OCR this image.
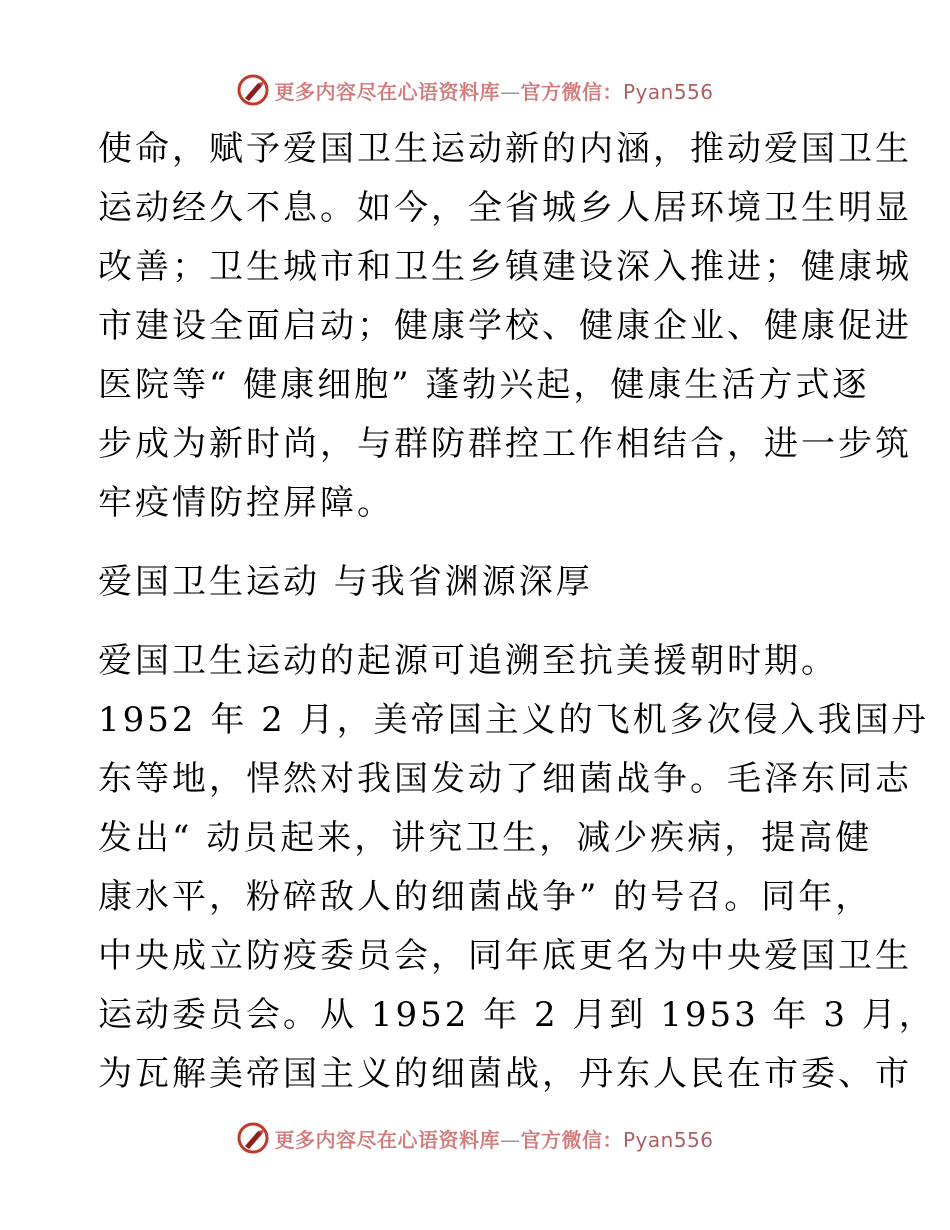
更多内容尽在心语资料库—官方微信：Pyan556
使命，赋予爱国卫生运动新的内涵，推动爱国卫生
运动经久不息。如今，全省城乡人居环境卫生明显
改善；卫生城市和卫生乡镇建设深入推进；健康城
市建设全面启动；健康学校、健康企业、健康促进
医院等“ 健康细胞” 蓬勃兴起，健康生活方式逐
步成为新时尚，与群防群控工作相结合，进一步筑
牢疫情防控屏障。
爱国卫生运动 与我省渊源深厚
爱国卫生运动的起源可追溯至抗美援朝时期。
1952 年 2 月，美帝国主义的飞机多次侵入我国丹
东等地，悍然对我国发动了细菌战争。毛泽东同志
发出“ 动员起来，讲究卫生，减少疾病，提高健
康水平，粉碎敌人的细菌战争” 的号召。同年，
中央成立防疫委员会，同年底更名为中央爱国卫生
运动委员会。从 1952 年 2 月到 1953 年 3 月，
为瓦解美帝国主义的细菌战，丹东人民在市委、市
更多内容尽在心语资料库—官方微信：Pyan556
